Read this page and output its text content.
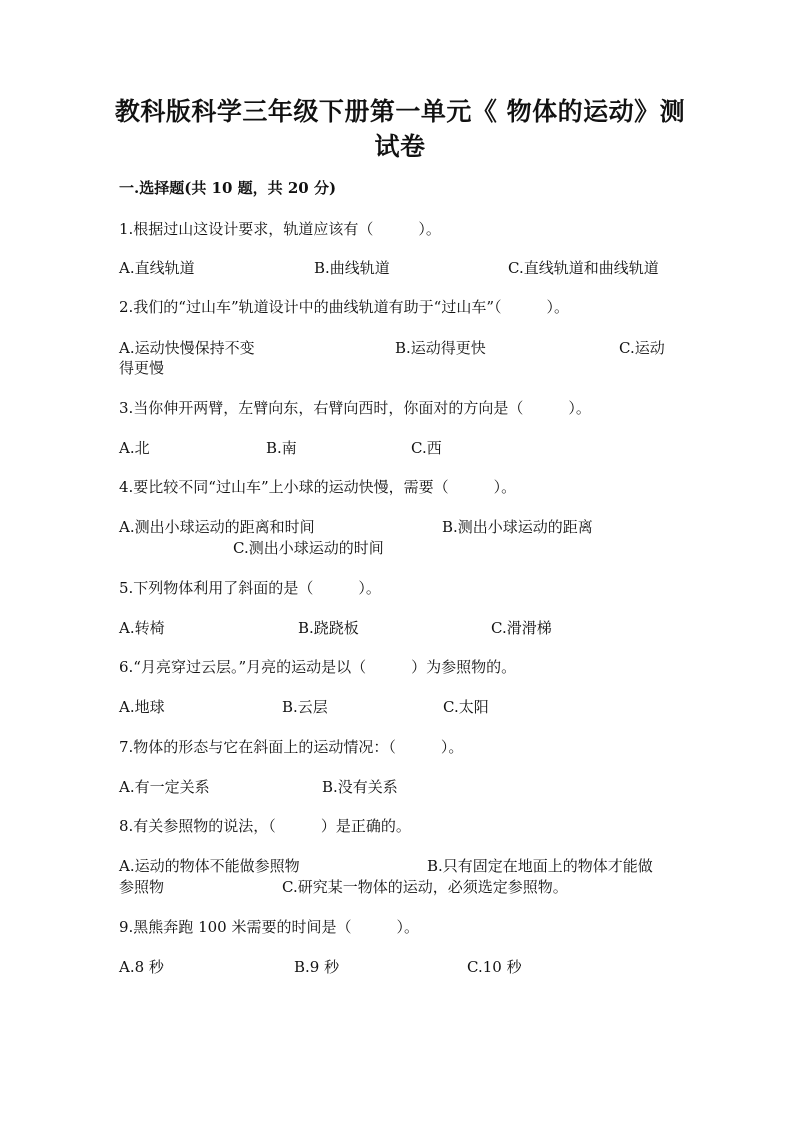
教科版科学三年级下册第一单元《 物体的运动》测
试卷
一.选择题(共 10 题，共 20 分)
1.根据过山这设计要求，轨道应该有（　　　）。
A.直线轨道	B.曲线轨道	C.直线轨道和曲线轨道
2.我们的“过山车”轨道设计中的曲线轨道有助于“过山车”（　　　）。
A.运动快慢保持不变	B.运动得更快	C.运动
得更慢
3.当你伸开两臂，左臂向东，右臂向西时，你面对的方向是（　　　）。
A.北	B.南	C.西
4.要比较不同“过山车”上小球的运动快慢，需要（　　　）。
A.测出小球运动的距离和时间	B.测出小球运动的距离
C.测出小球运动的时间
5.下列物体利用了斜面的是（　　　）。
A.转椅	B.跷跷板	C.滑滑梯
6.“月亮穿过云层。”月亮的运动是以（　　　）为参照物的。
A.地球	B.云层	C.太阳
7.物体的形态与它在斜面上的运动情况：（　　　）。
A.有一定关系	B.没有关系
8.有关参照物的说法，（　　　）是正确的。
A.运动的物体不能做参照物	B.只有固定在地面上的物体才能做
参照物	C.研究某一物体的运动，必须选定参照物。
9.黑熊奔跑 100 米需要的时间是（　　　）。
A.8 秒	B.9 秒	C.10 秒
